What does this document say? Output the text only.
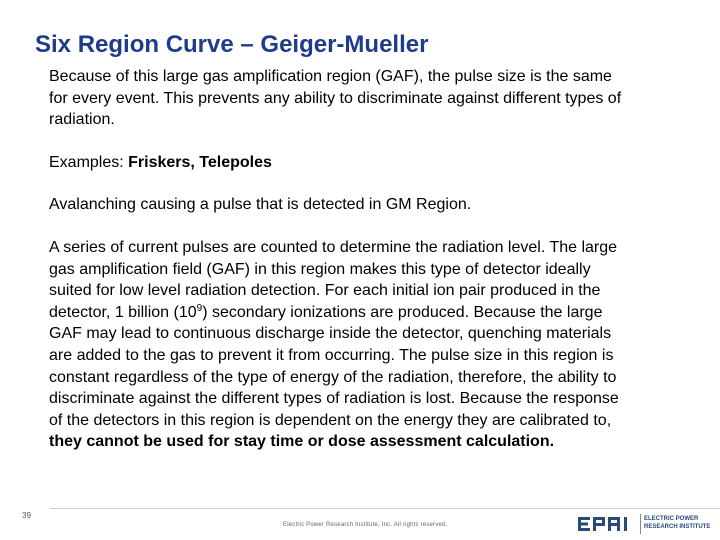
Six Region Curve – Geiger-Mueller

Because of this large gas amplification region (GAF), the pulse size is the same for every event. This prevents any ability to discriminate against different types of radiation.

Examples: Friskers, Telepoles

Avalanching causing a pulse that is detected in GM Region.

A series of current pulses are counted to determine the radiation level. The large gas amplification field (GAF) in this region makes this type of detector ideally suited for low level radiation detection. For each initial ion pair produced in the detector, 1 billion $(10^9)$ secondary ionizations are produced. Because the large GAF may lead to continuous discharge inside the detector, quenching materials are added to the gas to prevent it from occurring. The pulse size in this region is constant regardless of the type of energy of the radiation, therefore, the ability to discriminate against the different types of radiation is lost. Because the response of the detectors in this region is dependent on the energy they are calibrated to, they cannot be used for stay time or dose assessment calculation.

39
Electric Power Research Institute, Inc. All rights reserved.
ELECTRIC POWER
RESEARCH INSTITUTE
